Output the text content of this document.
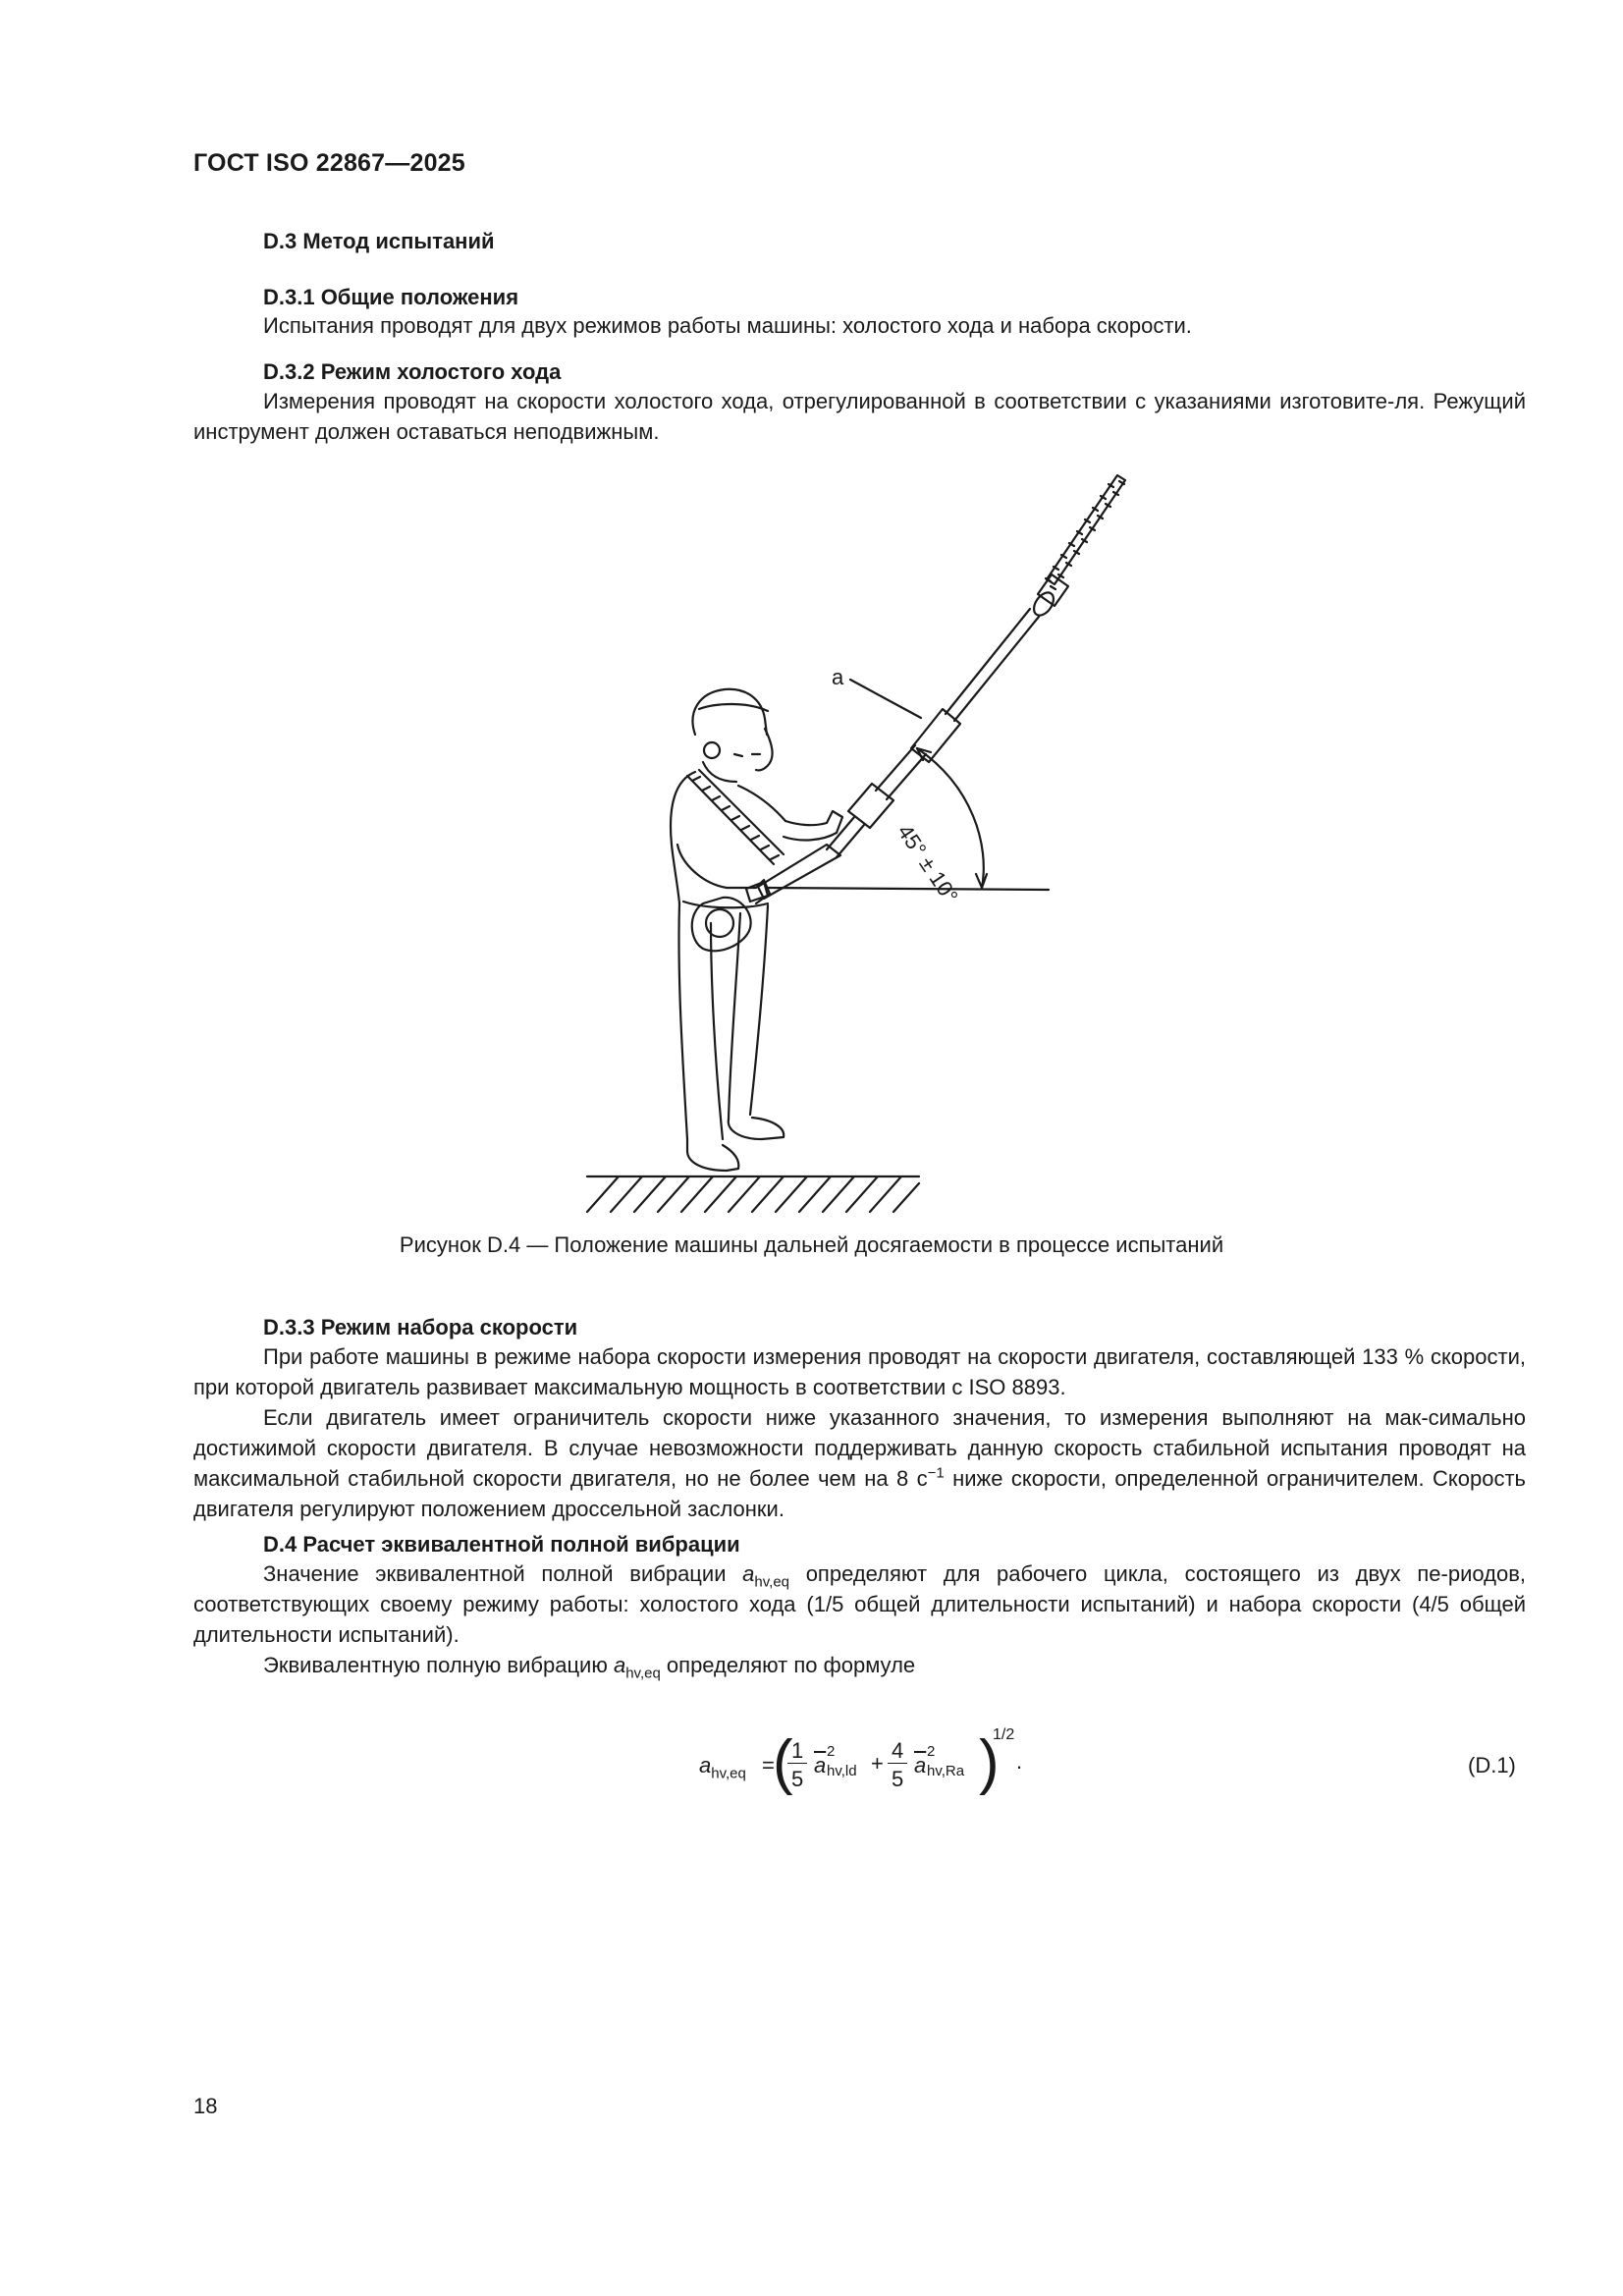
ГОСТ ISO 22867—2025
D.3 Метод испытаний
D.3.1 Общие положения
Испытания проводят для двух режимов работы машины: холостого хода и набора скорости.
D.3.2 Режим холостого хода
Измерения проводят на скорости холостого хода, отрегулированной в соответствии с указаниями изготовите-ля. Режущий инструмент должен оставаться неподвижным.
a
45° ± 10°
Рисунок D.4 — Положение машины дальней досягаемости в процессе испытаний
D.3.3 Режим набора скорости
При работе машины в режиме набора скорости измерения проводят на скорости двигателя, составляющей 133 % скорости, при которой двигатель развивает максимальную мощность в соответствии с ISO 8893.
Если двигатель имеет ограничитель скорости ниже указанного значения, то измерения выполняют на мак-симально достижимой скорости двигателя. В случае невозможности поддерживать данную скорость стабильной испытания проводят на максимальной стабильной скорости двигателя, но не более чем на 8 $с^{-1}$ ниже скорости, определенной ограничителем. Скорость двигателя регулируют положением дроссельной заслонки.
D.4 Расчет эквивалентной полной вибрации
Значение эквивалентной полной вибрации $a_{hv,eq}$ определяют для рабочего цикла, состоящего из двух пе-риодов, соответствующих своему режиму работы: холостого хода (1/5 общей длительности испытаний) и набора скорости (4/5 общей длительности испытаний).
Эквивалентную полную вибрацию $a_{hv,eq}$ определяют по формуле
$a_{hv,eq}$ =
(
1
5
$\overline{a}$
2
hv,ld +
4
5
$\overline{a}$
2
hv,Ra )
1/2
.	(D.1)
18
